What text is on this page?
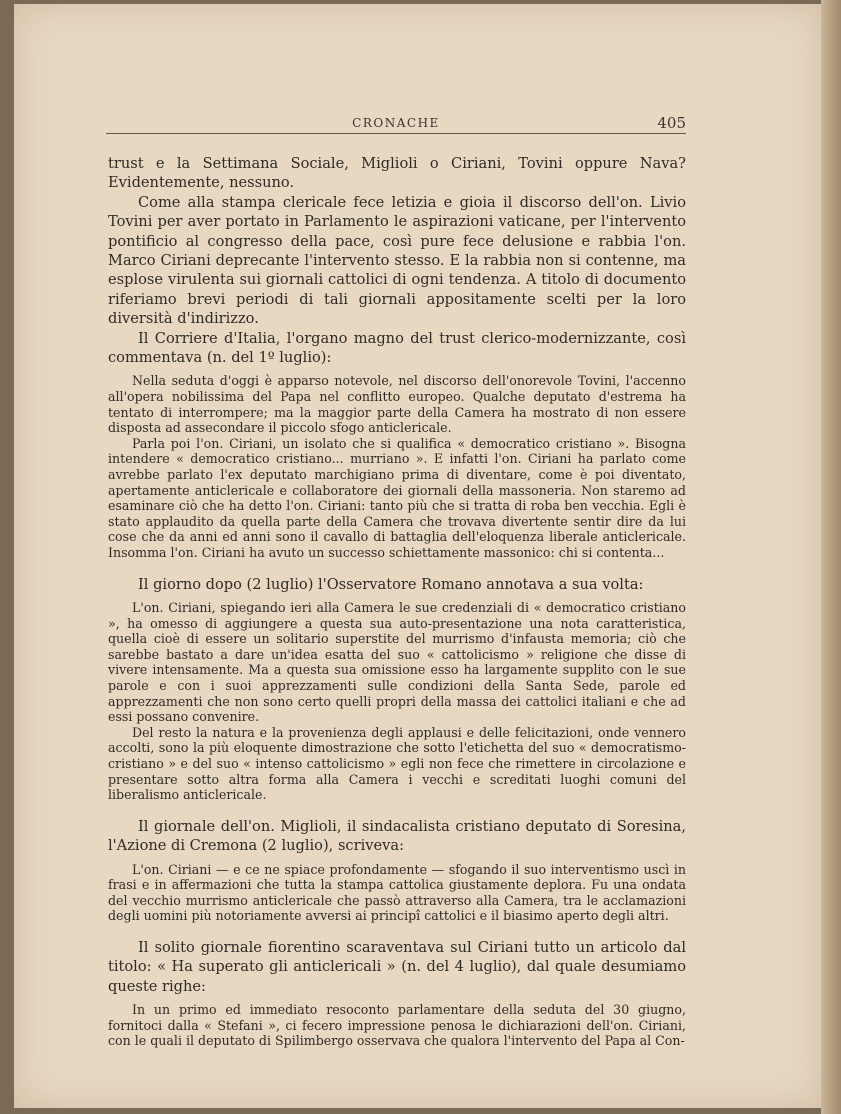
CRONACHE	405

trust e la Settimana Sociale, Miglioli o Ciriani, Tovini oppure Nava? Evidentemente, nessuno.

Come alla stampa clericale fece letizia e gioia il discorso dell'on. Livio Tovini per aver portato in Parlamento le aspirazioni vaticane, per l'intervento pontificio al congresso della pace, così pure fece delusione e rabbia l'on. Marco Ciriani deprecante l'intervento stesso. E la rabbia non si contenne, ma esplose virulenta sui giornali cattolici di ogni tendenza. A titolo di documento riferiamo brevi periodi di tali giornali appositamente scelti per la loro diversità d'indirizzo.

Il Corriere d'Italia, l'organo magno del trust clerico-modernizzante, così commentava (n. del 1º luglio):

Nella seduta d'oggi è apparso notevole, nel discorso dell'onorevole Tovini, l'accenno all'opera nobilissima del Papa nel conflitto europeo. Qualche deputato d'estrema ha tentato di interrompere; ma la maggior parte della Camera ha mostrato di non essere disposta ad assecondare il piccolo sfogo anticlericale.

Parla poi l'on. Ciriani, un isolato che si qualifica « democratico cristiano ». Bisogna intendere « democratico cristiano... murriano ». E infatti l'on. Ciriani ha parlato come avrebbe parlato l'ex deputato marchigiano prima di diventare, come è poi diventato, apertamente anticlericale e collaboratore dei giornali della massoneria. Non staremo ad esaminare ciò che ha detto l'on. Ciriani: tanto più che si tratta di roba ben vecchia. Egli è stato applaudito da quella parte della Camera che trovava divertente sentir dire da lui cose che da anni ed anni sono il cavallo di battaglia dell'eloquenza liberale anticlericale. Insomma l'on. Ciriani ha avuto un successo schiettamente massonico: chi si contenta...

Il giorno dopo (2 luglio) l'Osservatore Romano annotava a sua volta:

L'on. Ciriani, spiegando ieri alla Camera le sue credenziali di « democratico cristiano », ha omesso di aggiungere a questa sua auto-presentazione una nota caratteristica, quella cioè di essere un solitario superstite del murrismo d'infausta memoria; ciò che sarebbe bastato a dare un'idea esatta del suo « cattolicismo » religione che disse di vivere intensamente. Ma a questa sua omissione esso ha largamente supplito con le sue parole e con i suoi apprezzamenti sulle condizioni della Santa Sede, parole ed apprezzamenti che non sono certo quelli propri della massa dei cattolici italiani e che ad essi possano convenire.

Del resto la natura e la provenienza degli applausi e delle felicitazioni, onde vennero accolti, sono la più eloquente dimostrazione che sotto l'etichetta del suo « democratismo-cristiano » e del suo « intenso cattolicismo » egli non fece che rimettere in circolazione e presentare sotto altra forma alla Camera i vecchi e screditati luoghi comuni del liberalismo anticlericale.

Il giornale dell'on. Miglioli, il sindacalista cristiano deputato di Soresina, l'Azione di Cremona (2 luglio), scriveva:

L'on. Ciriani — e ce ne spiace profondamente — sfogando il suo interventismo uscì in frasi e in affermazioni che tutta la stampa cattolica giustamente deplora. Fu una ondata del vecchio murrismo anticlericale che passò attraverso alla Camera, tra le acclamazioni degli uomini più notoriamente avversi ai principî cattolici e il biasimo aperto degli altri.

Il solito giornale fiorentino scaraventava sul Ciriani tutto un articolo dal titolo: « Ha superato gli anticlericali » (n. del 4 luglio), dal quale desumiamo queste righe:

In un primo ed immediato resoconto parlamentare della seduta del 30 giugno, fornitoci dalla « Stefani », ci fecero impressione penosa le dichiarazioni dell'on. Ciriani, con le quali il deputato di Spilimbergo osservava che qualora l'intervento del Papa al Con-
